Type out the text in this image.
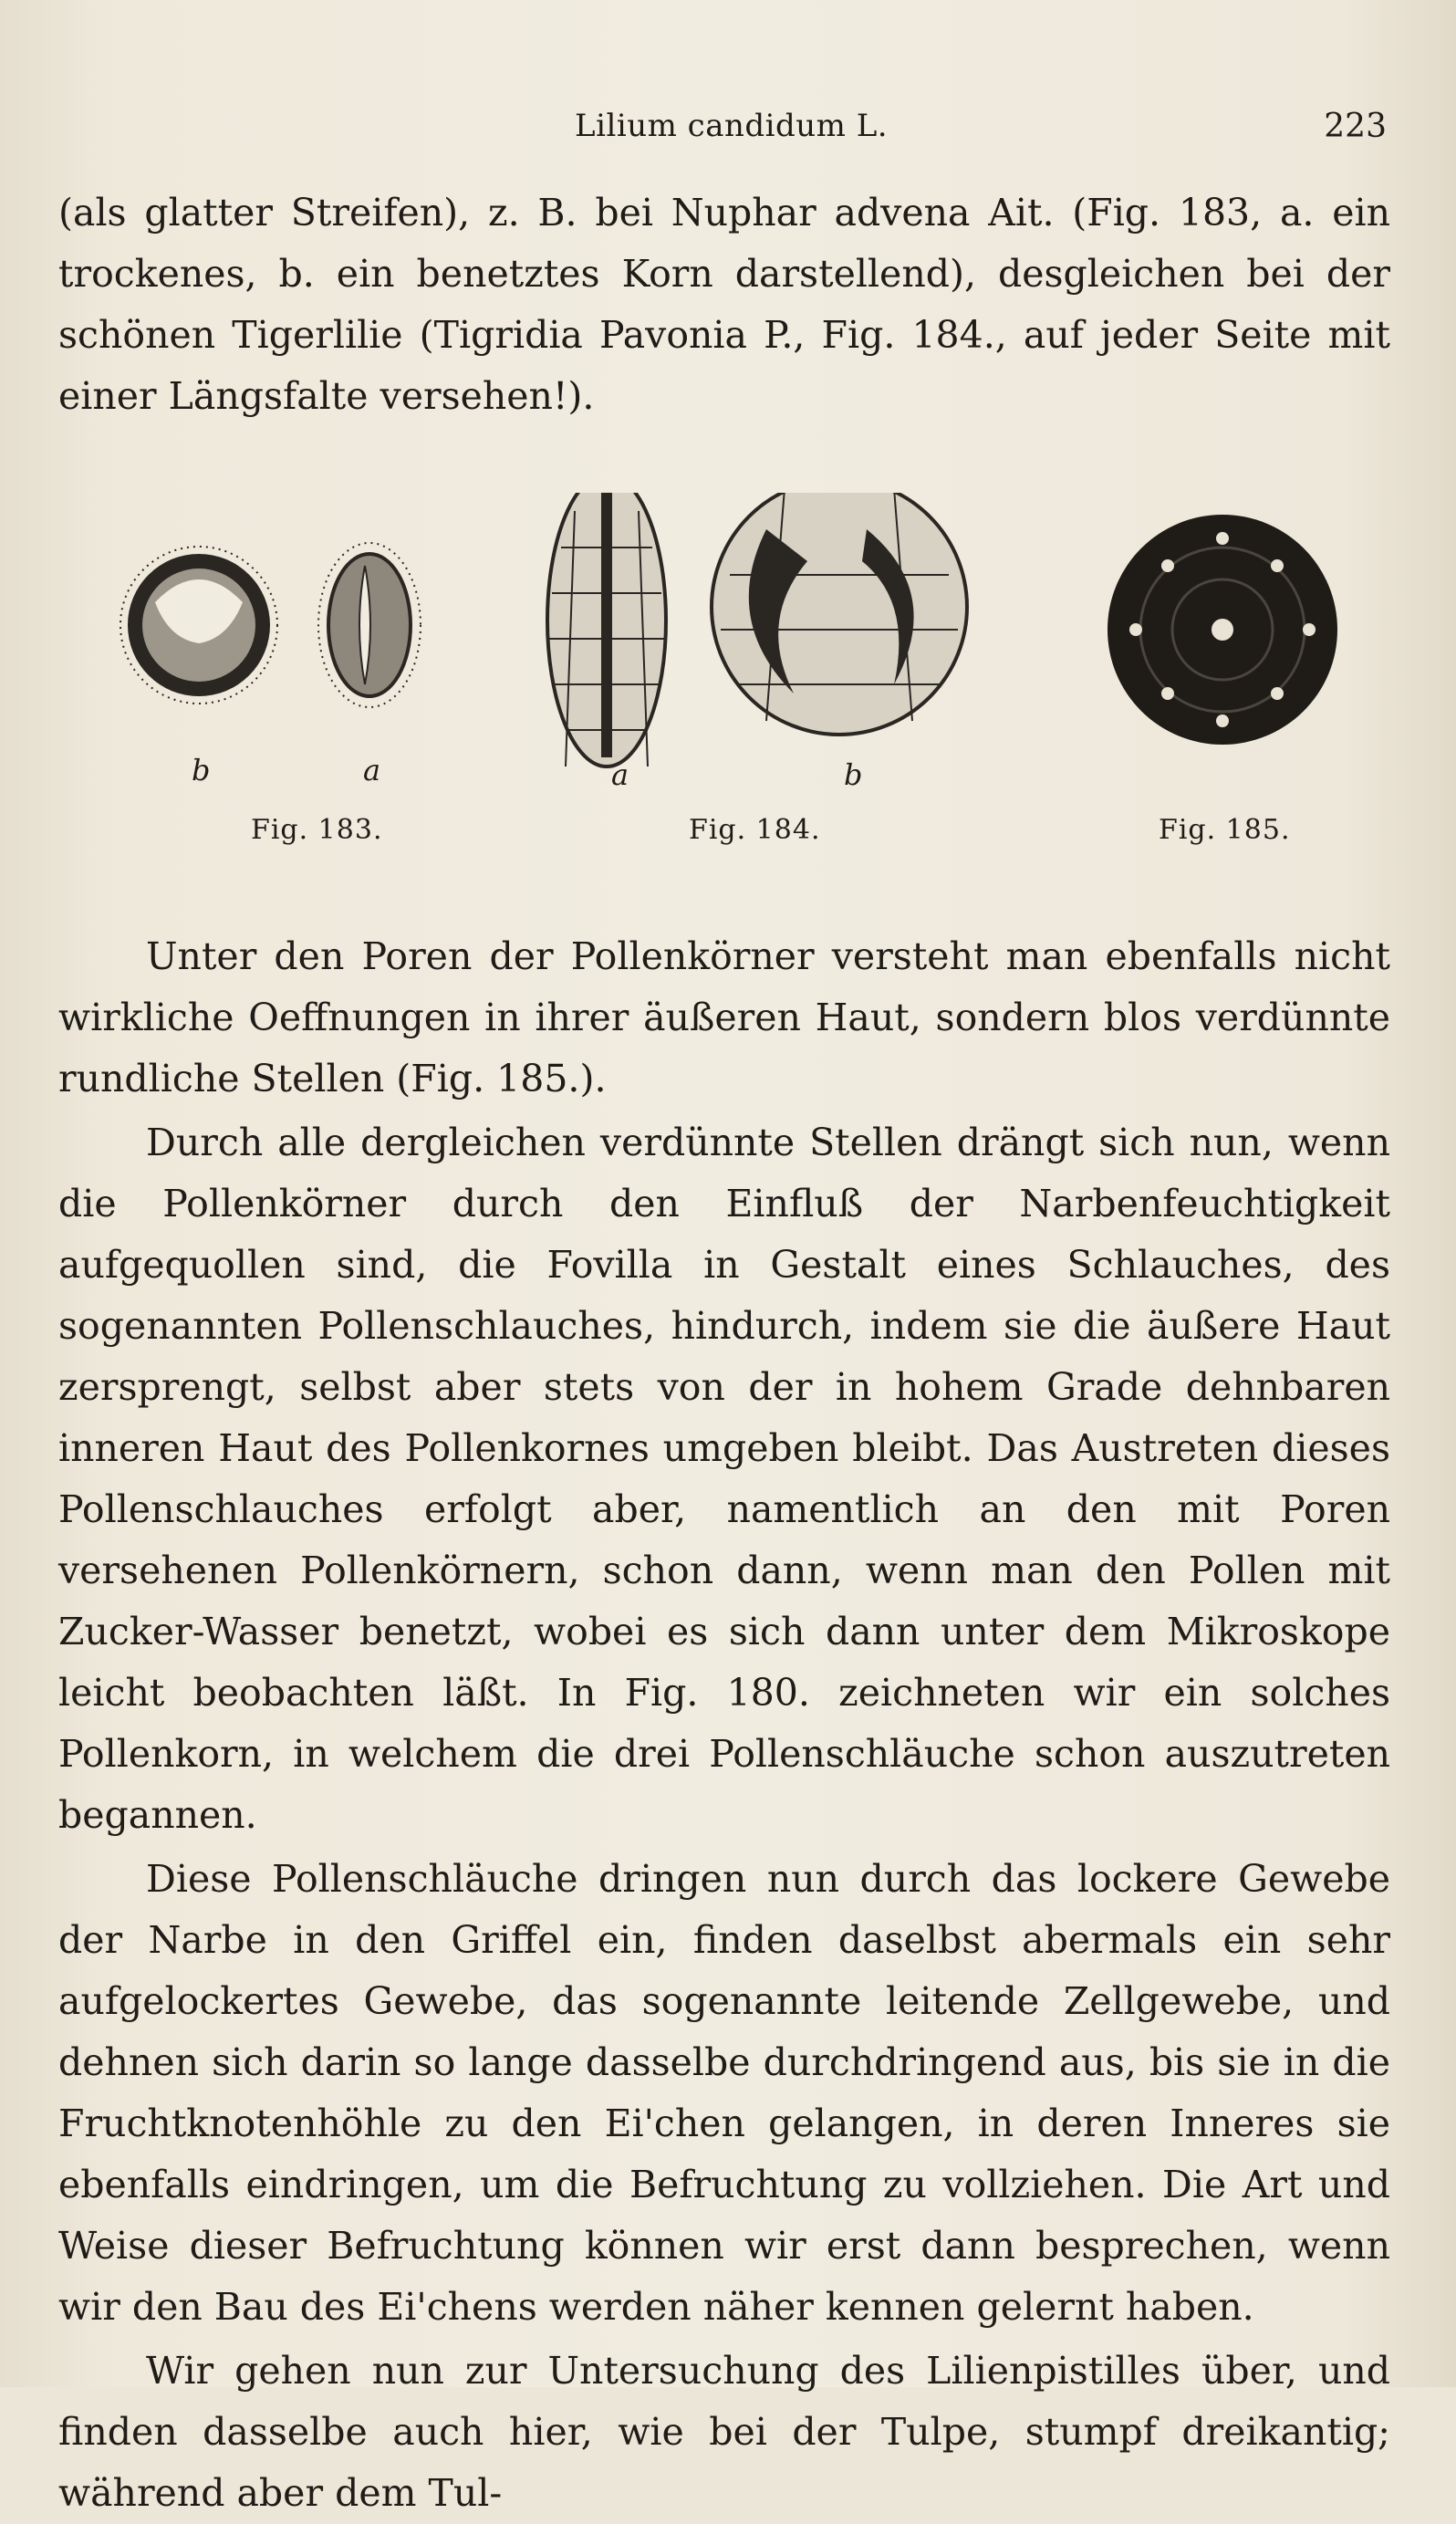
Lilium candidum L.	223

(als glatter Streifen), z. B. bei Nuphar advena Ait. (Fig. 183, a. ein trockenes, b. ein benetztes Korn darstellend), desgleichen bei der schönen Tigerlilie (Tigridia Pavonia P., Fig. 184., auf jeder Seite mit einer Längsfalte versehen!).

b	a	a	b
Fig. 183.	Fig. 184.	Fig. 185.

Unter den Poren der Pollenkörner versteht man ebenfalls nicht wirkliche Oeffnungen in ihrer äußeren Haut, sondern blos verdünnte rundliche Stellen (Fig. 185.).

Durch alle dergleichen verdünnte Stellen drängt sich nun, wenn die Pollenkörner durch den Einfluß der Narbenfeuchtigkeit aufgequollen sind, die Fovilla in Gestalt eines Schlauches, des sogenannten Pollenschlauches, hindurch, indem sie die äußere Haut zersprengt, selbst aber stets von der in hohem Grade dehnbaren inneren Haut des Pollenkornes umgeben bleibt. Das Austreten dieses Pollenschlauches erfolgt aber, namentlich an den mit Poren versehenen Pollenkörnern, schon dann, wenn man den Pollen mit Zucker-Wasser benetzt, wobei es sich dann unter dem Mikroskope leicht beobachten läßt. In Fig. 180. zeichneten wir ein solches Pollenkorn, in welchem die drei Pollenschläuche schon auszutreten begannen.

Diese Pollenschläuche dringen nun durch das lockere Gewebe der Narbe in den Griffel ein, finden daselbst abermals ein sehr aufgelockertes Gewebe, das sogenannte leitende Zellgewebe, und dehnen sich darin so lange dasselbe durchdringend aus, bis sie in die Fruchtknotenhöhle zu den Ei'chen gelangen, in deren Inneres sie ebenfalls eindringen, um die Befruchtung zu vollziehen. Die Art und Weise dieser Befruchtung können wir erst dann besprechen, wenn wir den Bau des Ei'chens werden näher kennen gelernt haben.

Wir gehen nun zur Untersuchung des Lilienpistilles über, und finden dasselbe auch hier, wie bei der Tulpe, stumpf dreikantig; während aber dem Tul-
